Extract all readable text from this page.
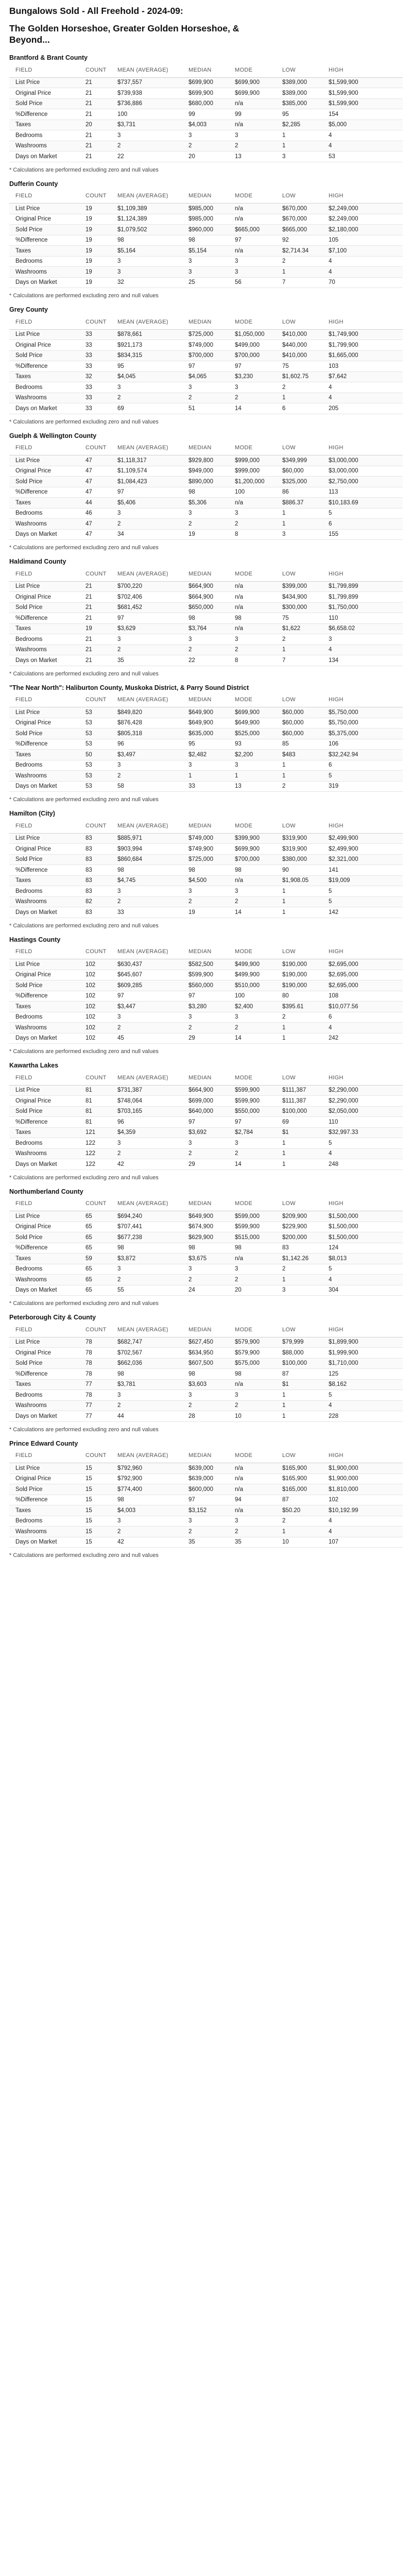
Bungalows Sold - All Freehold - 2024-09:
The Golden Horseshoe, Greater Golden Horseshoe, & Beyond...
Brantford & Brant County
FIELD	COUNT	MEAN (AVERAGE)	MEDIAN	MODE	LOW	HIGH
List Price	21	$737,557	$699,900	$699,900	$389,000	$1,599,900
Original Price	21	$739,938	$699,900	$699,900	$389,000	$1,599,900
Sold Price	21	$736,886	$680,000	n/a	$385,000	$1,599,900
%Difference	21	100	99	99	95	154
Taxes	20	$3,731	$4,003	n/a	$2,285	$5,000
Bedrooms	21	3	3	3	1	4
Washrooms	21	2	2	2	1	4
Days on Market	21	22	20	13	3	53

* Calculations are performed excluding zero and null values

Dufferin County
FIELD	COUNT	MEAN (AVERAGE)	MEDIAN	MODE	LOW	HIGH
List Price	19	$1,109,389	$985,000	n/a	$670,000	$2,249,000
Original Price	19	$1,124,389	$985,000	n/a	$670,000	$2,249,000
Sold Price	19	$1,079,502	$960,000	$665,000	$665,000	$2,180,000
%Difference	19	98	98	97	92	105
Taxes	19	$5,164	$5,154	n/a	$2,714.34	$7,100
Bedrooms	19	3	3	3	2	4
Washrooms	19	3	3	3	1	4
Days on Market	19	32	25	56	7	70

* Calculations are performed excluding zero and null values

Grey County
FIELD	COUNT	MEAN (AVERAGE)	MEDIAN	MODE	LOW	HIGH
List Price	33	$878,661	$725,000	$1,050,000	$410,000	$1,749,900
Original Price	33	$921,173	$749,000	$499,000	$440,000	$1,799,900
Sold Price	33	$834,315	$700,000	$700,000	$410,000	$1,665,000
%Difference	33	95	97	97	75	103
Taxes	32	$4,045	$4,065	$3,230	$1,602.75	$7,642
Bedrooms	33	3	3	3	2	4
Washrooms	33	2	2	2	1	4
Days on Market	33	69	51	14	6	205

* Calculations are performed excluding zero and null values

Guelph & Wellington County
FIELD	COUNT	MEAN (AVERAGE)	MEDIAN	MODE	LOW	HIGH
List Price	47	$1,118,317	$929,800	$999,000	$349,999	$3,000,000
Original Price	47	$1,109,574	$949,000	$999,000	$60,000	$3,000,000
Sold Price	47	$1,084,423	$890,000	$1,200,000	$325,000	$2,750,000
%Difference	47	97	98	100	86	113
Taxes	44	$5,406	$5,306	n/a	$886.37	$10,183.69
Bedrooms	46	3	3	3	1	5
Washrooms	47	2	2	2	1	6
Days on Market	47	34	19	8	3	155

* Calculations are performed excluding zero and null values

Haldimand County
FIELD	COUNT	MEAN (AVERAGE)	MEDIAN	MODE	LOW	HIGH
List Price	21	$700,220	$664,900	n/a	$399,000	$1,799,899
Original Price	21	$702,406	$664,900	n/a	$434,900	$1,799,899
Sold Price	21	$681,452	$650,000	n/a	$300,000	$1,750,000
%Difference	21	97	98	98	75	110
Taxes	19	$3,629	$3,764	n/a	$1,622	$6,658.02
Bedrooms	21	3	3	3	2	3
Washrooms	21	2	2	2	1	4
Days on Market	21	35	22	8	7	134

* Calculations are performed excluding zero and null values

"The Near North": Haliburton County, Muskoka District, & Parry Sound District
FIELD	COUNT	MEAN (AVERAGE)	MEDIAN	MODE	LOW	HIGH
List Price	53	$849,820	$649,900	$699,900	$60,000	$5,750,000
Original Price	53	$876,428	$649,900	$649,900	$60,000	$5,750,000
Sold Price	53	$805,318	$635,000	$525,000	$60,000	$5,375,000
%Difference	53	96	95	93	85	106
Taxes	50	$3,497	$2,482	$2,200	$483	$32,242.94
Bedrooms	53	3	3	3	1	6
Washrooms	53	2	1	1	1	5
Days on Market	53	58	33	13	2	319

* Calculations are performed excluding zero and null values

Hamilton (City)
FIELD	COUNT	MEAN (AVERAGE)	MEDIAN	MODE	LOW	HIGH
List Price	83	$885,971	$749,000	$399,900	$319,900	$2,499,900
Original Price	83	$903,994	$749,900	$699,900	$319,900	$2,499,900
Sold Price	83	$860,684	$725,000	$700,000	$380,000	$2,321,000
%Difference	83	98	98	98	90	141
Taxes	83	$4,745	$4,500	n/a	$1,908.05	$19,009
Bedrooms	83	3	3	3	1	5
Washrooms	82	2	2	2	1	5
Days on Market	83	33	19	14	1	142

* Calculations are performed excluding zero and null values

Hastings County
FIELD	COUNT	MEAN (AVERAGE)	MEDIAN	MODE	LOW	HIGH
List Price	102	$630,437	$582,500	$499,900	$190,000	$2,695,000
Original Price	102	$645,607	$599,900	$499,900	$190,000	$2,695,000
Sold Price	102	$609,285	$560,000	$510,000	$190,000	$2,695,000
%Difference	102	97	97	100	80	108
Taxes	102	$3,447	$3,280	$2,400	$395.61	$10,077.56
Bedrooms	102	3	3	3	2	6
Washrooms	102	2	2	2	1	4
Days on Market	102	45	29	14	1	242

* Calculations are performed excluding zero and null values

Kawartha Lakes
FIELD	COUNT	MEAN (AVERAGE)	MEDIAN	MODE	LOW	HIGH
List Price	81	$731,387	$664,900	$599,900	$111,387	$2,290,000
Original Price	81	$748,064	$699,000	$599,900	$111,387	$2,290,000
Sold Price	81	$703,165	$640,000	$550,000	$100,000	$2,050,000
%Difference	81	96	97	97	69	110
Taxes	121	$4,359	$3,692	$2,784	$1	$32,997.33
Bedrooms	122	3	3	3	1	5
Washrooms	122	2	2	2	1	4
Days on Market	122	42	29	14	1	248

* Calculations are performed excluding zero and null values

Northumberland County
FIELD	COUNT	MEAN (AVERAGE)	MEDIAN	MODE	LOW	HIGH
List Price	65	$694,240	$649,900	$599,000	$209,900	$1,500,000
Original Price	65	$707,441	$674,900	$599,900	$229,900	$1,500,000
Sold Price	65	$677,238	$629,900	$515,000	$200,000	$1,500,000
%Difference	65	98	98	98	83	124
Taxes	59	$3,872	$3,675	n/a	$1,142.26	$8,013
Bedrooms	65	3	3	3	2	5
Washrooms	65	2	2	2	1	4
Days on Market	65	55	24	20	3	304

* Calculations are performed excluding zero and null values

Peterborough City & County
FIELD	COUNT	MEAN (AVERAGE)	MEDIAN	MODE	LOW	HIGH
List Price	78	$682,747	$627,450	$579,900	$79,999	$1,899,900
Original Price	78	$702,567	$634,950	$579,900	$88,000	$1,999,900
Sold Price	78	$662,036	$607,500	$575,000	$100,000	$1,710,000
%Difference	78	98	98	98	87	125
Taxes	77	$3,781	$3,603	n/a	$1	$8,162
Bedrooms	78	3	3	3	1	5
Washrooms	77	2	2	2	1	4
Days on Market	77	44	28	10	1	228

* Calculations are performed excluding zero and null values

Prince Edward County
FIELD	COUNT	MEAN (AVERAGE)	MEDIAN	MODE	LOW	HIGH
List Price	15	$792,960	$639,000	n/a	$165,900	$1,900,000
Original Price	15	$792,900	$639,000	n/a	$165,900	$1,900,000
Sold Price	15	$774,400	$600,000	n/a	$165,000	$1,810,000
%Difference	15	98	97	94	87	102
Taxes	15	$4,003	$3,152	n/a	$50.20	$10,192.99
Bedrooms	15	3	3	3	2	4
Washrooms	15	2	2	2	1	4
Days on Market	15	42	35	35	10	107

* Calculations are performed excluding zero and null values
